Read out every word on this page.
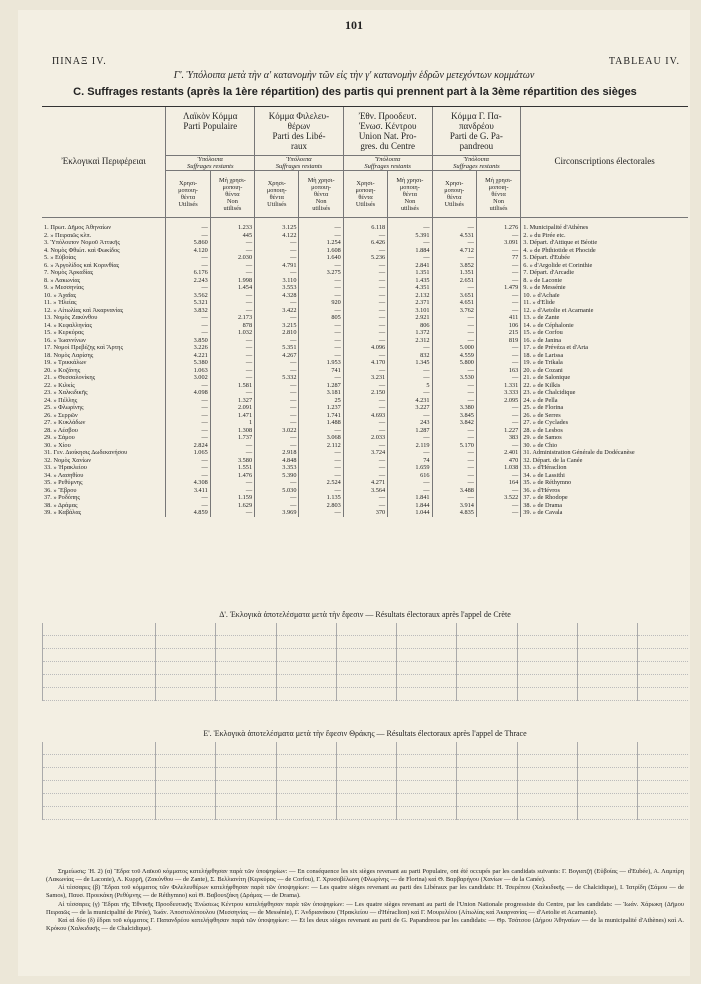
101
ΠΙΝΑΞ IV.	TABLEAU IV.
Γ'. Ὑπόλοιπα μετὰ τὴν α' κατανομὴν τῶν εἰς τὴν γ' κατανομὴν ἑδρῶν μετεχόντων κομμάτων
C. Suffrages restants (après la 1ère répartition) des partis qui prennent part à la 3ème répartition des sièges
Ἐκλογικαὶ Περιφέρειαι	Λαϊκὸν Κόμμα
Parti Populaire		Κόμμα Φιλελευ-
θέρων
Parti des Libé-
raux		Ἐθν. Προοδευτ.
Ἐνωσ. Κέντρου
Union Nat. Pro-
gres. du Centre		Κόμμα Γ. Πα-
πανδρέου
Parti de G. Pa-
pandreou		Circonscriptions électorales
	Ὑπόλοιπα
Suffrages restants		Ὑπόλοιπα
Suffrages restants		Ὑπόλοιπα
Suffrages restants		Ὑπόλοιπα
Suffrages restants		
	Χρησι-
μοποιη-
θέντα
Utilisés	Μὴ χρησι-
μοποιη-
θέντα
Non
utilisés	Χρησι-
μοποιη-
θέντα
Utilisés	Μὴ χρησι-
μοποιη-
θέντα
Non
utilisés	Χρησι-
μοποιη-
θέντα
Utilisés	Μὴ χρησι-
μοποιη-
θέντα
Non
utilisés	Χρησι-
μοποιη-
θέντα
Utilisés	Μὴ χρησι-
μοποιη-
θέντα
Non
utilisés	
1. Πρωτ. Δῆμος Ἀθηναίων	—	1.233	3.125	—	6.118	—	—	1.276	1. Municipalité d'Athènes
2. » Πειραιῶς κλπ.	—	445	4.122	—	—	5.391	4.531	—	2. » du Pirée etc.
3. Ὑπόλοιπον Νομοῦ Ἀττικῆς	5.860	—	—	1.254	6.426	—	—	3.091	3. Départ. d'Attique et Béotie
4. Νομὸς Φθιώτ. καὶ Φωκίδος	4.120	—	—	1.608	—	1.884	4.712	—	4. » de Phthiotide et Phocide
5. » Εὐβοίας	—	2.030	—	1.640	5.236	—	—	77	5. Départ. d'Eubée
6. » Ἀργολίδος καὶ Κορινθίας	—	—	4.791	—	—	2.841	3.852	—	6. » d'Argolide et Corinthie
7. Νομὸς Ἀρκαδίας	6.176	—	—	3.275	—	1.351	1.351	—	7. Départ. d'Arcadie
8. » Λακωνίας	2.243	1.998	3.110	—	—	1.435	2.651	—	8. » de Laconie
9. » Μεσσηνίας	—	1.454	3.553	—	—	4.351	—	1.479	9. » de Messénie
10. » Ἀχαΐας	3.562	—	4.328	—	—	2.132	3.651	—	10. » d'Achaïe
11. » Ἠλείας	5.321	—	—	920	—	2.371	4.651	—	11. » d'Elide
12. » Αἰτωλίας καὶ Ἀκαρνανίας	3.832	—	3.422	—	—	3.101	3.762	—	12. » d'Aetolie et Acarnanie
13. Νομὸς Ζακύνθου	—	2.173	—	805	—	2.921	—	411	13. » de Zante
14. » Κεφαλληνίας	—	878	3.215	—	—	806	—	106	14. » de Céphalonie
15. » Κερκύρας	—	1.032	2.810	—	—	1.372	—	215	15. » de Corfou
16. » Ἰωαννίνων	3.850	—	—	—	—	2.312	—	819	16. » de Janina
17. Νομοὶ Πρεβέζης καὶ Ἄρτης	3.226	—	5.351	—	4.096	—	5.000	—	17. » de Prévéza et d'Arta
18. Νομὸς Λαρίσης	4.221	—	4.267	—	—	832	4.559	—	18. » de Larissa
19. » Τρικκάλων	5.380	—	—	1.953	4.170	1.345	5.800	—	19. » de Trikala
20. » Κοζάνης	1.063	—	—	741	—	—	—	163	20. » de Cozani
21. » Θεσσαλονίκης	3.002	—	5.332	—	3.231	—	3.530	—	21. » de Salonique
22. » Κιλκίς	—	1.581	—	1.287	—	5	—	1.331	22. » de Kilkis
23. » Χαλκιδικῆς	4.098	—	—	3.181	2.150	—	—	3.333	23. » de Chalcidique
24. » Πέλλης	—	1.327	—	25	—	4.231	—	2.095	24. » de Pella
25. » Φλωρίνης	—	2.091	—	1.237	—	3.227	3.380	—	25. » de Florina
26. » Σερρῶν	—	1.471	—	1.741	4.693	—	3.845	—	26. » de Serres
27. » Κυκλάδων	—	1	—	1.488	—	243	3.842	—	27. » de Cyclades
28. » Λέσβου	—	1.308	3.022	—	—	1.287	—	1.227	28. » de Lesbos
29. » Σάμου	—	1.737	—	3.068	2.033	—	—	383	29. » de Samos
30. » Χίου	2.824	—	—	2.112	—	2.119	5.170	—	30. » de Chio
31. Γεν. Διοίκησις Δωδεκανήσου	1.065	—	2.918	—	3.724	—	—	2.401	31. Administration Générale du Dodécanèse
32. Νομὸς Χανίων	—	3.580	4.848	—	—	74	—	470	32. Départ. de la Canée
33. » Ἡρακλείου	—	1.551	3.353	—	—	1.659	—	1.038	33. » d'Héraclion
34. » Λασηθίου	—	1.476	5.390	—	—	616	—	—	34. » de Lassithi
35. » Ρεθύμνης	4.308	—	—	2.524	4.271	—	—	164	35. » de Réthymno
36. » Ἕβρου	3.411	—	5.030	—	3.564	—	3.488	—	36. » d'Hévros
37. » Ροδόπης	—	1.159	—	1.135	—	1.841	—	3.522	37. » de Rhodope
38. » Δράμας	—	1.629	—	2.803	—	1.844	3.914	—	38. » de Drama
39. » Καβάλας	4.859	—	3.969	—	370	1.044	4.835	—	39. » de Cavala
Δ'. Ἐκλογικὰ ἀποτελέσματα μετὰ τὴν ἔφεσιν — Résultats électoraux après l'appel de Crète

Ε'. Ἐκλογικὰ ἀποτελέσματα μετὰ τὴν ἔφεσιν Θράκης — Résultats électoraux après l'appel de Thrace

Σημείωσις: Ἡ. 2) (α) Ἕδρα τοῦ Λαϊκοῦ κόμματος κατελήφθησαν παρὰ τῶν ὑποψηφίων: — En conséquence les six sièges revenant au parti Populaire, ont été occupés par les candidats suivants: Γ. Βογιατζῆ (Εὐβοίας — d'Eubée), Α. Λαμπίρη (Λακωνίας — de Laconie), Λ. Κυρρῆ, (Ζακύνθου — de Zante), Σ. Βελλιανίτη (Κερκύρας — de Corfou), Γ. Χρυσοβέλωνη (Φλωρίνης — de Florina) καὶ Θ. Βαρβαρήγου (Χανίων — de la Canée).

Αἱ τέσσαρες (β) Ἕδραι τοῦ κόμματος τῶν Φιλελευθέρων κατελήφθησαν παρὰ τῶν ὑποψηφίων: — Les quatre sièges revenant au parti des Libéraux par les candidats: Η. Τσερέπου (Χαλκιδικῆς — de Chalcidique), Ι. Ἰατρίδη (Σάμου — de Samos), Παυσ. Προεκάκη (Ρεθύμνης — de Réthymno) καὶ Θ. Βαβουτζάκη (Δράμας — de Drama).

Αἱ τέσσαρες (γ) Ἕδραι τῆς Ἐθνικῆς Προοδευτικῆς Ἑνώσεως Κέντρου κατελήφθησαν παρὰ τῶν ὑποψηφίων: — Les quatre sièges revenant au parti de l'Union Nationale progressiste du Centre, par les candidats: — Ἰωάν. Χάρωκη (Δῆμου Πειραιῶς — de la municipalité de Pirée), Ἰωάν. Ἀποστολόπουλου (Μεσσηνίας — de Messénie), Γ. Ἀνδριανάκου (Ἡρακλείου — d'Héraclion) καὶ Γ. Μουρελέου (Αἰτωλίας καὶ Ἀκαρνανίας — d'Aetolie et Acarnanie).

Καὶ αἱ δύο (δ) ἕδραι τοῦ κόμματος Γ. Παπανδρέου κατελήφθησαν παρὰ τῶν ὑποψηφίων: — Et les deux sièges revenant au parti de G. Papandreou par les candidats: — Θρ. Τσάτσου (Δήμου Ἀθηναίων — de la municipalité d'Athènes) καὶ Α. Κρόκου (Χαλκιδικῆς — de Chalcidique).
